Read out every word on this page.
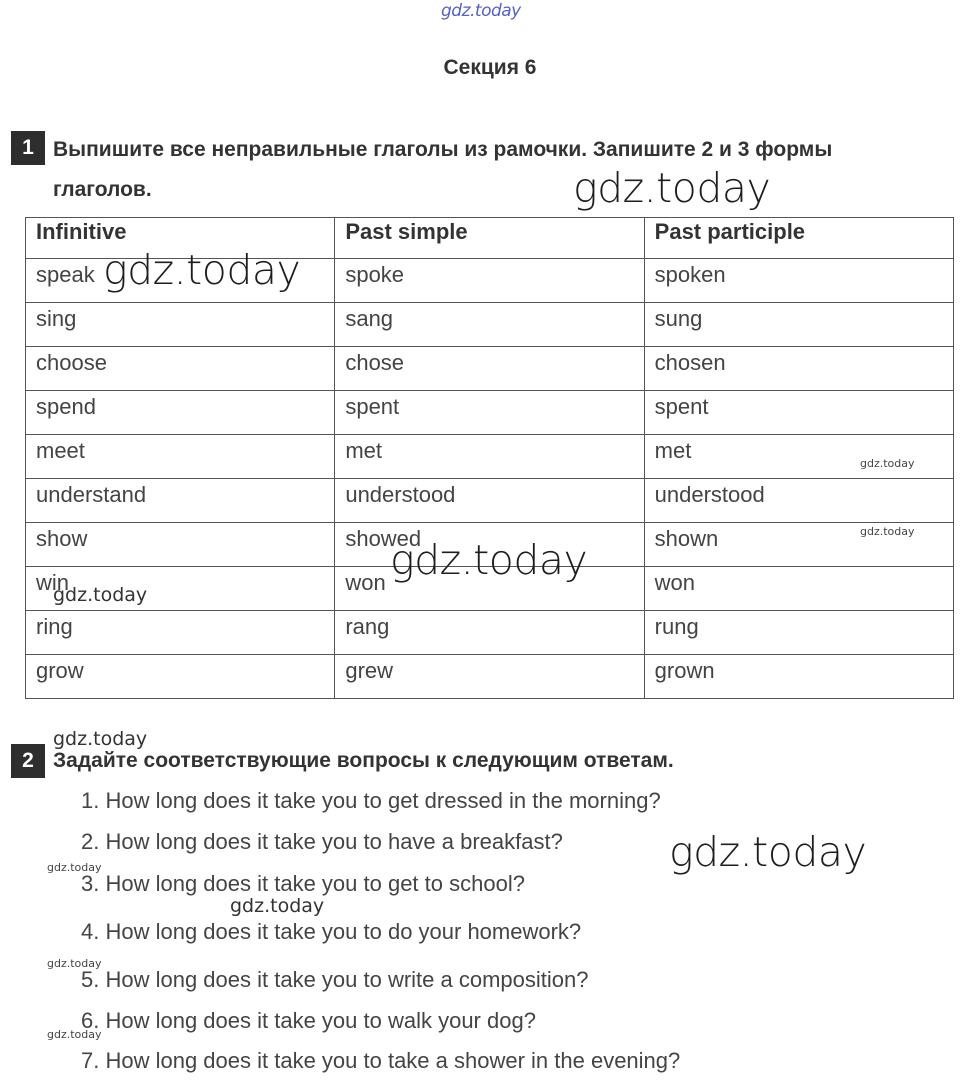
gdz.today
Секция 6
1 Выпишите все неправильные глаголы из рамочки. Запишите 2 и 3 формы
глаголов.
Infinitive	Past simple	Past participle
speak	spoke	spoken
sing	sang	sung
choose	chose	chosen
spend	spent	spent
meet	met	met
understand	understood	understood
show	showed	shown
win	won	won
ring	rang	rung
grow	grew	grown
2 Задайте соответствующие вопросы к следующим ответам.
1. How long does it take you to get dressed in the morning?
2. How long does it take you to have a breakfast?
3. How long does it take you to get to school?
4. How long does it take you to do your homework?
5. How long does it take you to write a composition?
6. How long does it take you to walk your dog?
7. How long does it take you to take a shower in the evening?
gdz.today
gdz.today
gdz.today
gdz.today
gdz.today
gdz.today
gdz.today
gdz.today
gdz.today
gdz.today
gdz.today
gdz.today
